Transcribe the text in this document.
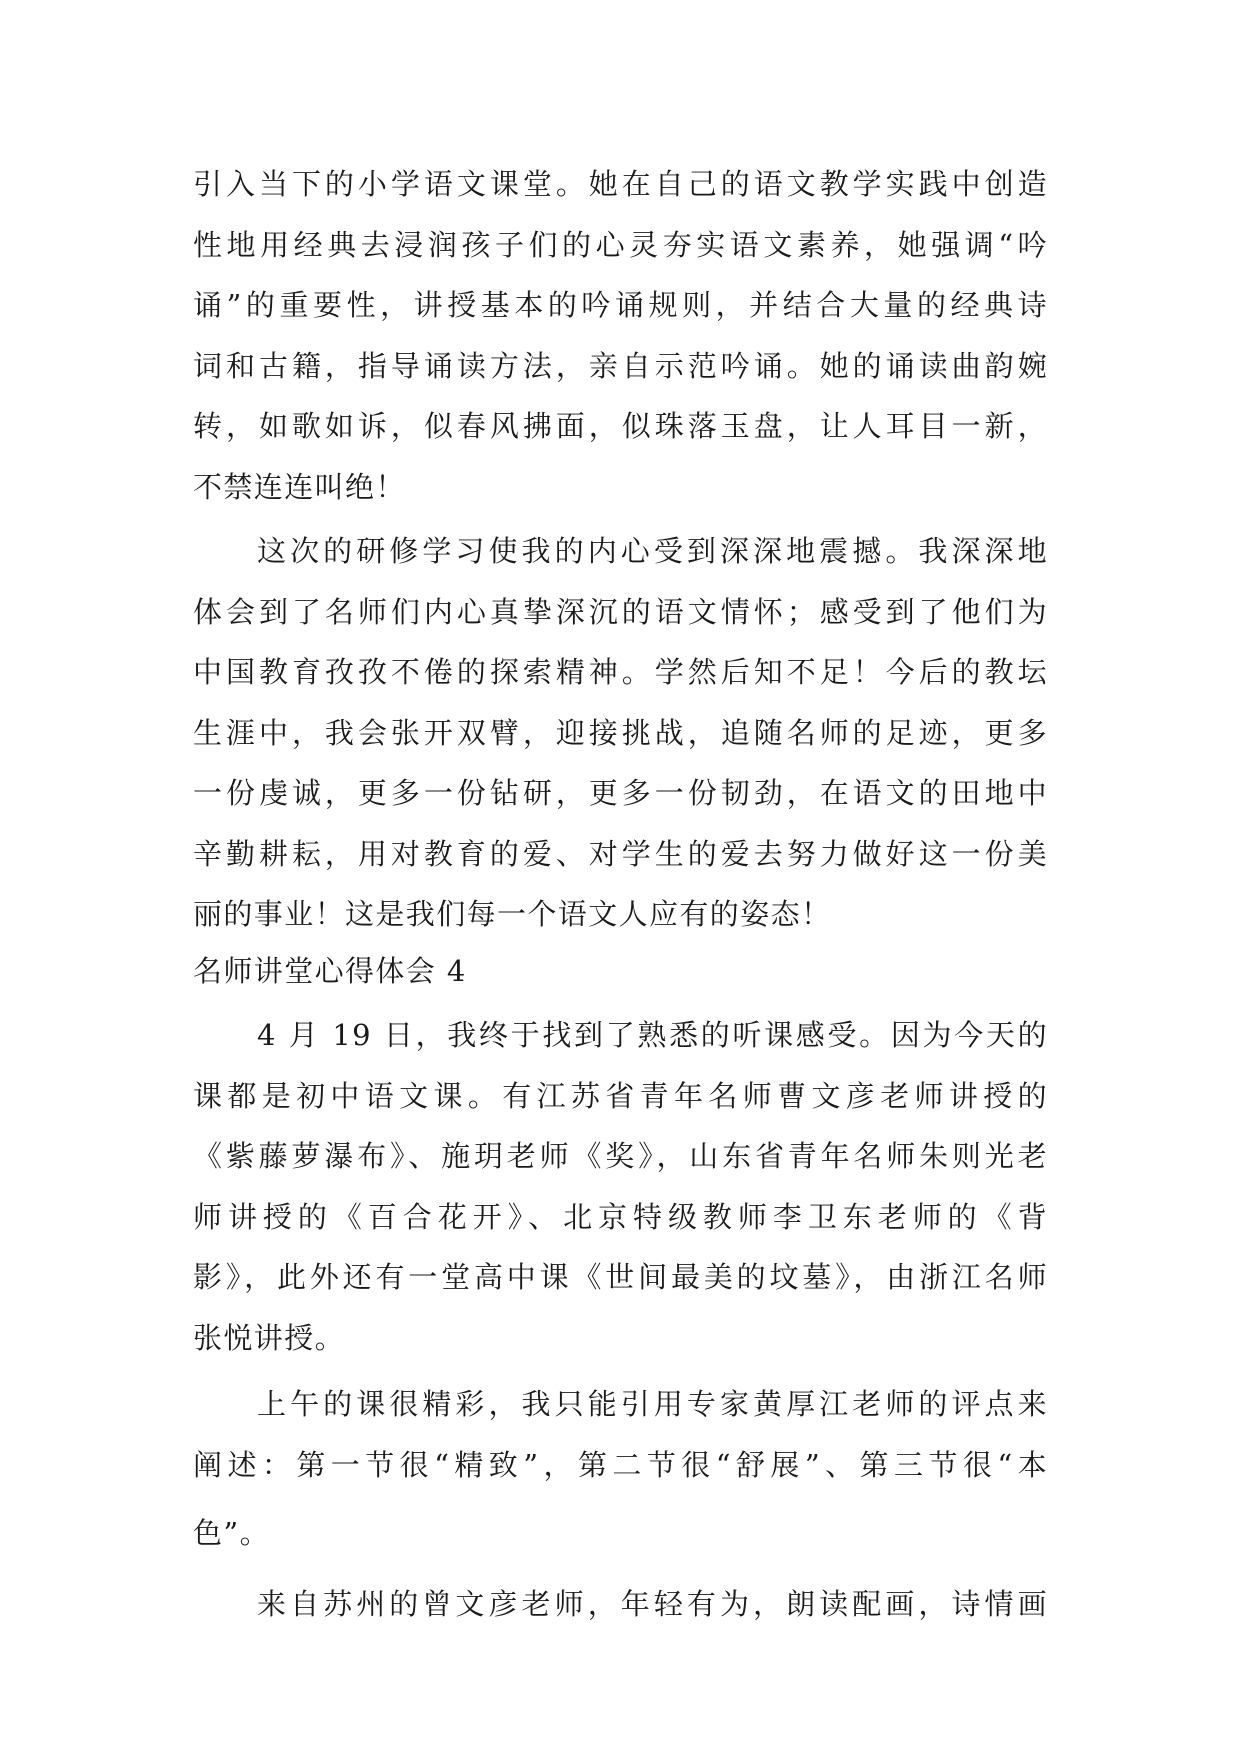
引入当下的小学语文课堂。她在自己的语文教学实践中创造
性地用经典去浸润孩子们的心灵夯实语文素养，她强调“吟
诵”的重要性，讲授基本的吟诵规则，并结合大量的经典诗
词和古籍，指导诵读方法，亲自示范吟诵。她的诵读曲韵婉
转，如歌如诉，似春风拂面，似珠落玉盘，让人耳目一新，
不禁连连叫绝！
这次的研修学习使我的内心受到深深地震撼。我深深地
体会到了名师们内心真挚深沉的语文情怀；感受到了他们为
中国教育孜孜不倦的探索精神。学然后知不足！今后的教坛
生涯中，我会张开双臂，迎接挑战，追随名师的足迹，更多
一份虔诚，更多一份钻研，更多一份韧劲，在语文的田地中
辛勤耕耘，用对教育的爱、对学生的爱去努力做好这一份美
丽的事业！这是我们每一个语文人应有的姿态！
名师讲堂心得体会 4
4 月 19 日，我终于找到了熟悉的听课感受。因为今天的
课都是初中语文课。有江苏省青年名师曹文彦老师讲授的
《紫藤萝瀑布》、施玥老师《奖》，山东省青年名师朱则光老
师讲授的《百合花开》、北京特级教师李卫东老师的《背
影》，此外还有一堂高中课《世间最美的坟墓》，由浙江名师
张悦讲授。
上午的课很精彩，我只能引用专家黄厚江老师的评点来
阐述：第一节很“精致”，第二节很“舒展”、第三节很“本
色”。
来自苏州的曾文彦老师，年轻有为，朗读配画，诗情画
